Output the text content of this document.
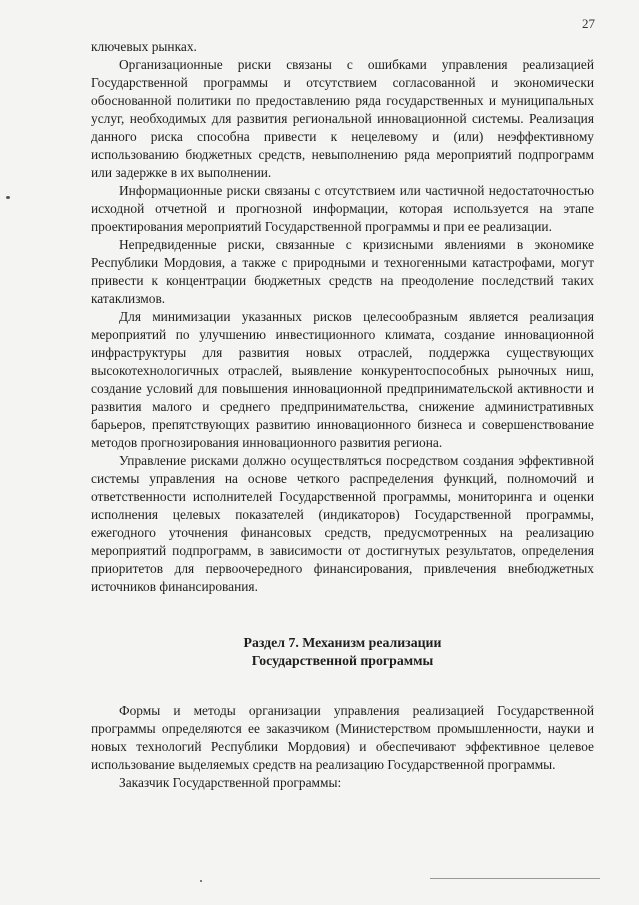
27

ключевых рынках.

Организационные риски связаны с ошибками управления реализацией Государственной программы и отсутствием согласованной и экономически обоснованной политики по предоставлению ряда государственных и муниципальных услуг, необходимых для развития региональной инновационной системы. Реализация данного риска способна привести к нецелевому и (или) неэффективному использованию бюджетных средств, невыполнению ряда мероприятий подпрограмм или задержке в их выполнении.

Информационные риски связаны с отсутствием или частичной недостаточностью исходной отчетной и прогнозной информации, которая используется на этапе проектирования мероприятий Государственной программы и при ее реализации.

Непредвиденные риски, связанные с кризисными явлениями в экономике Республики Мордовия, а также с природными и техногенными катастрофами, могут привести к концентрации бюджетных средств на преодоление последствий таких катаклизмов.

Для минимизации указанных рисков целесообразным является реализация мероприятий по улучшению инвестиционного климата, создание инновационной инфраструктуры для развития новых отраслей, поддержка существующих высокотехнологичных отраслей, выявление конкурентоспособных рыночных ниш, создание условий для повышения инновационной предпринимательской активности и развития малого и среднего предпринимательства, снижение административных барьеров, препятствующих развитию инновационного бизнеса и совершенствование методов прогнозирования инновационного развития региона.

Управление рисками должно осуществляться посредством создания эффективной системы управления на основе четкого распределения функций, полномочий и ответственности исполнителей Государственной программы, мониторинга и оценки исполнения целевых показателей (индикаторов) Государственной программы, ежегодного уточнения финансовых средств, предусмотренных на реализацию мероприятий подпрограмм, в зависимости от достигнутых результатов, определения приоритетов для первоочередного финансирования, привлечения внебюджетных источников финансирования.

Раздел 7. Механизм реализации
Государственной программы

Формы и методы организации управления реализацией Государственной программы определяются ее заказчиком (Министерством промышленности, науки и новых технологий Республики Мордовия) и обеспечивают эффективное целевое использование выделяемых средств на реализацию Государственной программы.

Заказчик Государственной программы:
